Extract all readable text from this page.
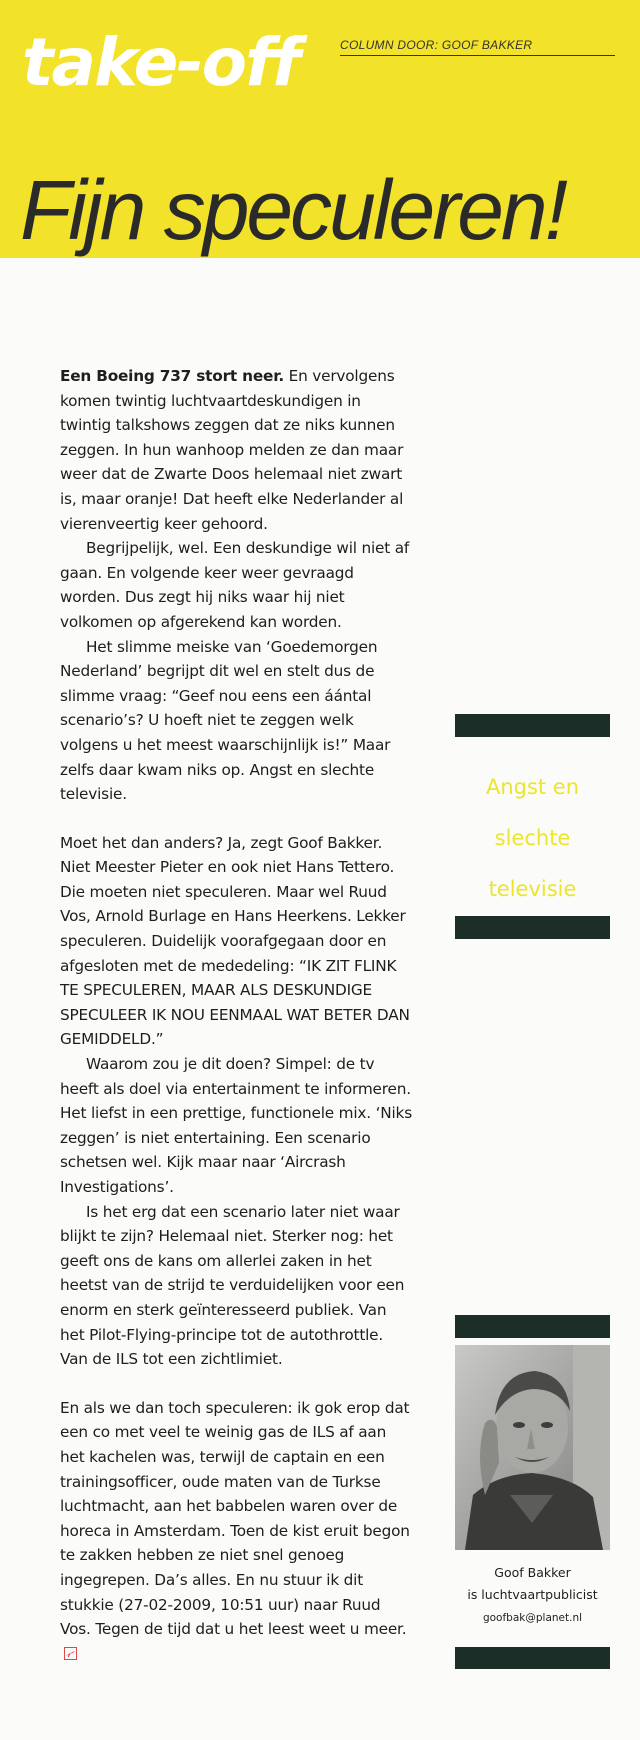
take-off	COLUMN DOOR: GOOF BAKKER
Fijn speculeren!

Een Boeing 737 stort neer. En vervolgens komen twintig luchtvaartdeskundigen in twintig talkshows zeggen dat ze niks kunnen zeggen. In hun wanhoop melden ze dan maar weer dat de Zwarte Doos helemaal niet zwart is, maar oranje! Dat heeft elke Nederlander al vierenveertig keer gehoord.

Begrijpelijk, wel. Een deskundige wil niet af gaan. En volgende keer weer gevraagd worden. Dus zegt hij niks waar hij niet volkomen op afgerekend kan worden.

Het slimme meiske van ‘Goedemorgen Nederland’ begrijpt dit wel en stelt dus de slimme vraag: “Geef nou eens een áántal scenario’s? U hoeft niet te zeggen welk volgens u het meest waarschijnlijk is!” Maar zelfs daar kwam niks op. Angst en slechte televisie.

Moet het dan anders? Ja, zegt Goof Bakker. Niet Meester Pieter en ook niet Hans Tettero. Die moeten niet speculeren. Maar wel Ruud Vos, Arnold Burlage en Hans Heerkens. Lekker speculeren. Duidelijk voorafgegaan door en afgesloten met de mededeling: “IK ZIT FLINK TE SPECULEREN, MAAR ALS DESKUNDIGE SPECULEER IK NOU EENMAAL WAT BETER DAN GEMIDDELD.”

Waarom zou je dit doen? Simpel: de tv heeft als doel via entertainment te informeren. Het liefst in een prettige, functionele mix. ‘Niks zeggen’ is niet entertaining. Een scenario schetsen wel. Kijk maar naar ‘Aircrash Investigations’.

Is het erg dat een scenario later niet waar blijkt te zijn? Helemaal niet. Sterker nog: het geeft ons de kans om allerlei zaken in het heetst van de strijd te verduidelijken voor een enorm en sterk geïnteresseerd publiek. Van het Pilot-Flying-principe tot de autothrottle. Van de ILS tot een zichtlimiet.

En als we dan toch speculeren: ik gok erop dat een co met veel te weinig gas de ILS af aan het kachelen was, terwijl de captain en een trainingsofficer, oude maten van de Turkse luchtmacht, aan het babbelen waren over de horeca in Amsterdam. Toen de kist eruit begon te zakken hebben ze niet snel genoeg ingegrepen. Da’s alles. En nu stuur ik dit stukkie (27-02-2009, 10:51 uur) naar Ruud Vos. Tegen de tijd dat u het leest weet u meer.

Angst en
slechte
televisie
Goof Bakker
is luchtvaartpublicist
goofbak@planet.nl
